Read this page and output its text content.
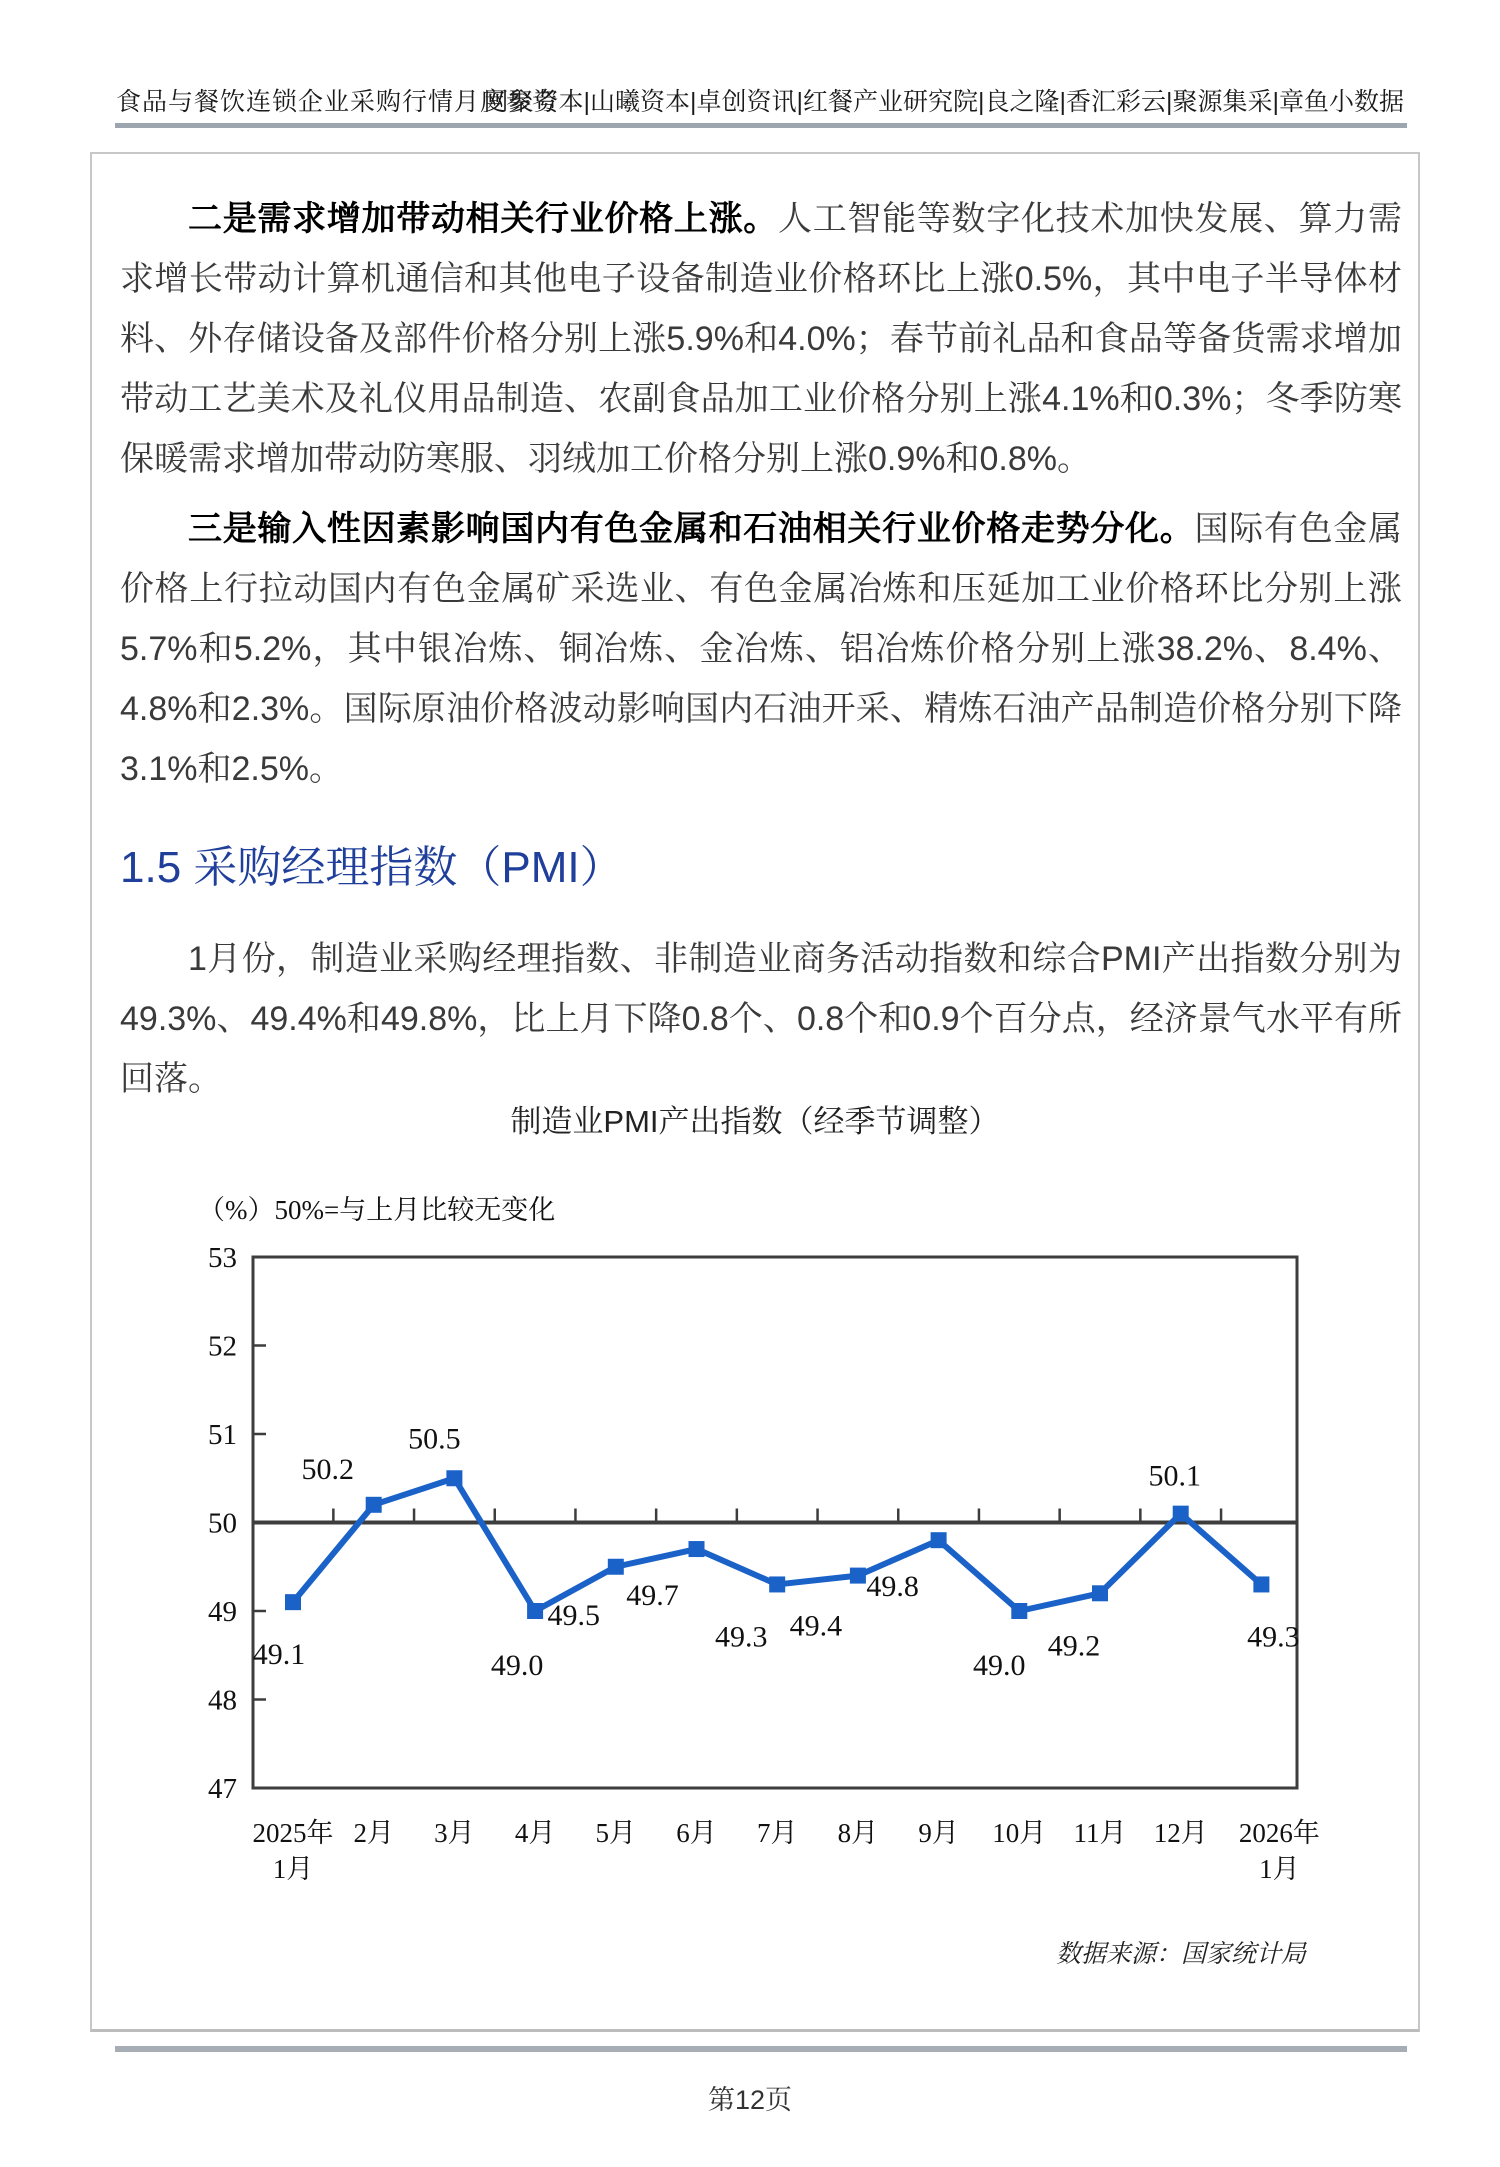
食品与餐饮连锁企业采购行情月度参考
网聚资本|山曦资本|卓创资讯|红餐产业研究院|良之隆|香汇彩云|聚源集采|章鱼小数据

二是需求增加带动相关行业价格上涨。人工智能等数字化技术加快发展、算力需求增长带动计算机通信和其他电子设备制造业价格环比上涨0.5%，其中电子半导体材料、外存储设备及部件价格分别上涨5.9%和4.0%；春节前礼品和食品等备货需求增加带动工艺美术及礼仪用品制造、农副食品加工业价格分别上涨4.1%和0.3%；冬季防寒保暖需求增加带动防寒服、羽绒加工价格分别上涨0.9%和0.8%。

三是输入性因素影响国内有色金属和石油相关行业价格走势分化。国际有色金属价格上行拉动国内有色金属矿采选业、有色金属冶炼和压延加工业价格环比分别上涨5.7%和5.2%，其中银冶炼、铜冶炼、金冶炼、铝冶炼价格分别上涨38.2%、8.4%、4.8%和2.3%。国际原油价格波动影响国内石油开采、精炼石油产品制造价格分别下降3.1%和2.5%。

1.5 采购经理指数（PMI）

1月份，制造业采购经理指数、非制造业商务活动指数和综合PMI产出指数分别为49.3%、49.4%和49.8%，比上月下降0.8个、0.8个和0.9个百分点，经济景气水平有所回落。

制造业PMI产出指数（经季节调整）
（%）50%=与上月比较无变化
47
48
49
50
51
52
53
49.1
50.2
50.5
49.0
49.5
49.7
49.3 49.4
49.8
49.0
49.2
50.1
49.3
2025年 1月
2月 3月 4月 5月 6月 7月 8月 9月 10月 11月 12月 2026年 1月
数据来源：国家统计局
第12页
